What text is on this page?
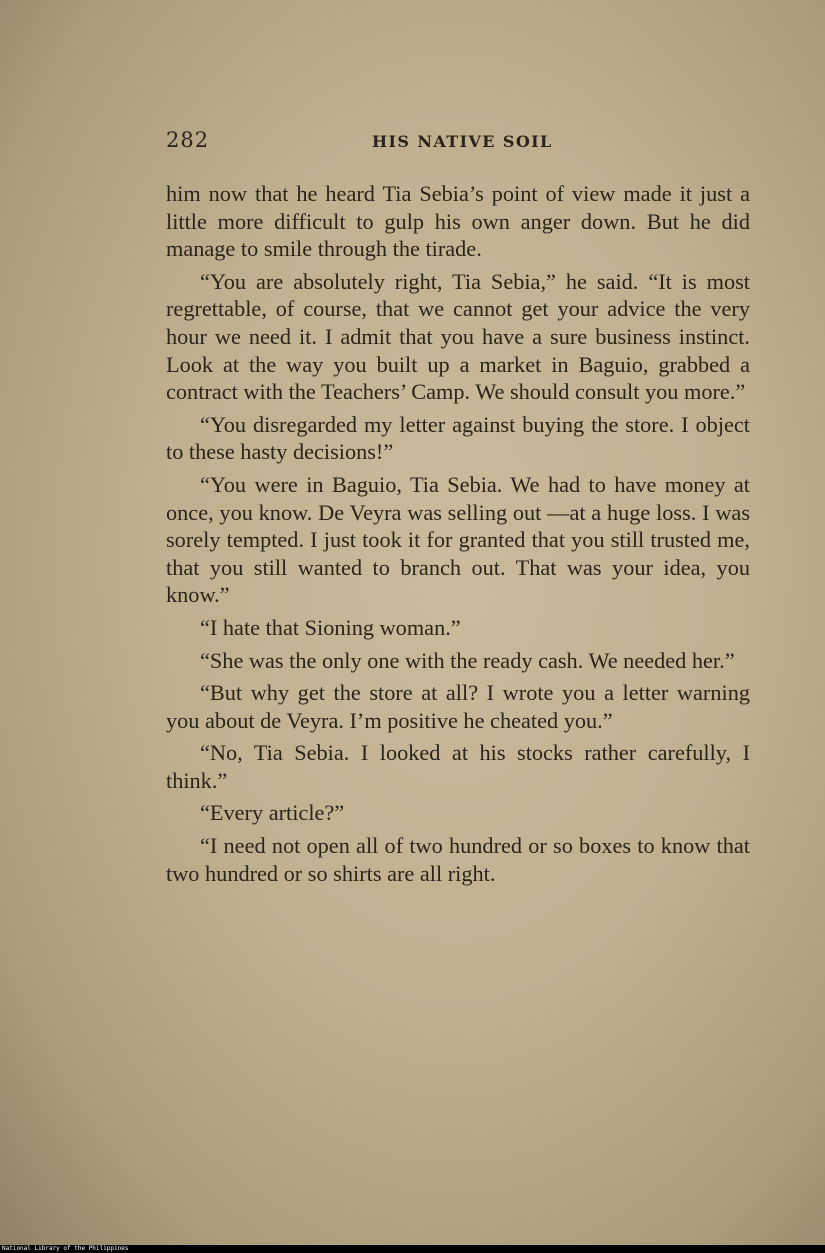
282	HIS NATIVE SOIL

him now that he heard Tia Sebia’s point of view made it just a little more difficult to gulp his own anger down. But he did manage to smile through the tirade.

“You are absolutely right, Tia Sebia,” he said. “It is most regrettable, of course, that we cannot get your advice the very hour we need it. I admit that you have a sure business instinct. Look at the way you built up a market in Baguio, grabbed a contract with the Teachers’ Camp. We should consult you more.”

“You disregarded my letter against buying the store. I object to these hasty decisions!”

“You were in Baguio, Tia Sebia. We had to have money at once, you know. De Veyra was selling out —at a huge loss. I was sorely tempted. I just took it for granted that you still trusted me, that you still wanted to branch out. That was your idea, you know.”

“I hate that Sioning woman.”

“She was the only one with the ready cash. We needed her.”

“But why get the store at all? I wrote you a letter warning you about de Veyra. I’m positive he cheated you.”

“No, Tia Sebia. I looked at his stocks rather carefully, I think.”

“Every article?”

“I need not open all of two hundred or so boxes to know that two hundred or so shirts are all right.

National Library of the Philippines
